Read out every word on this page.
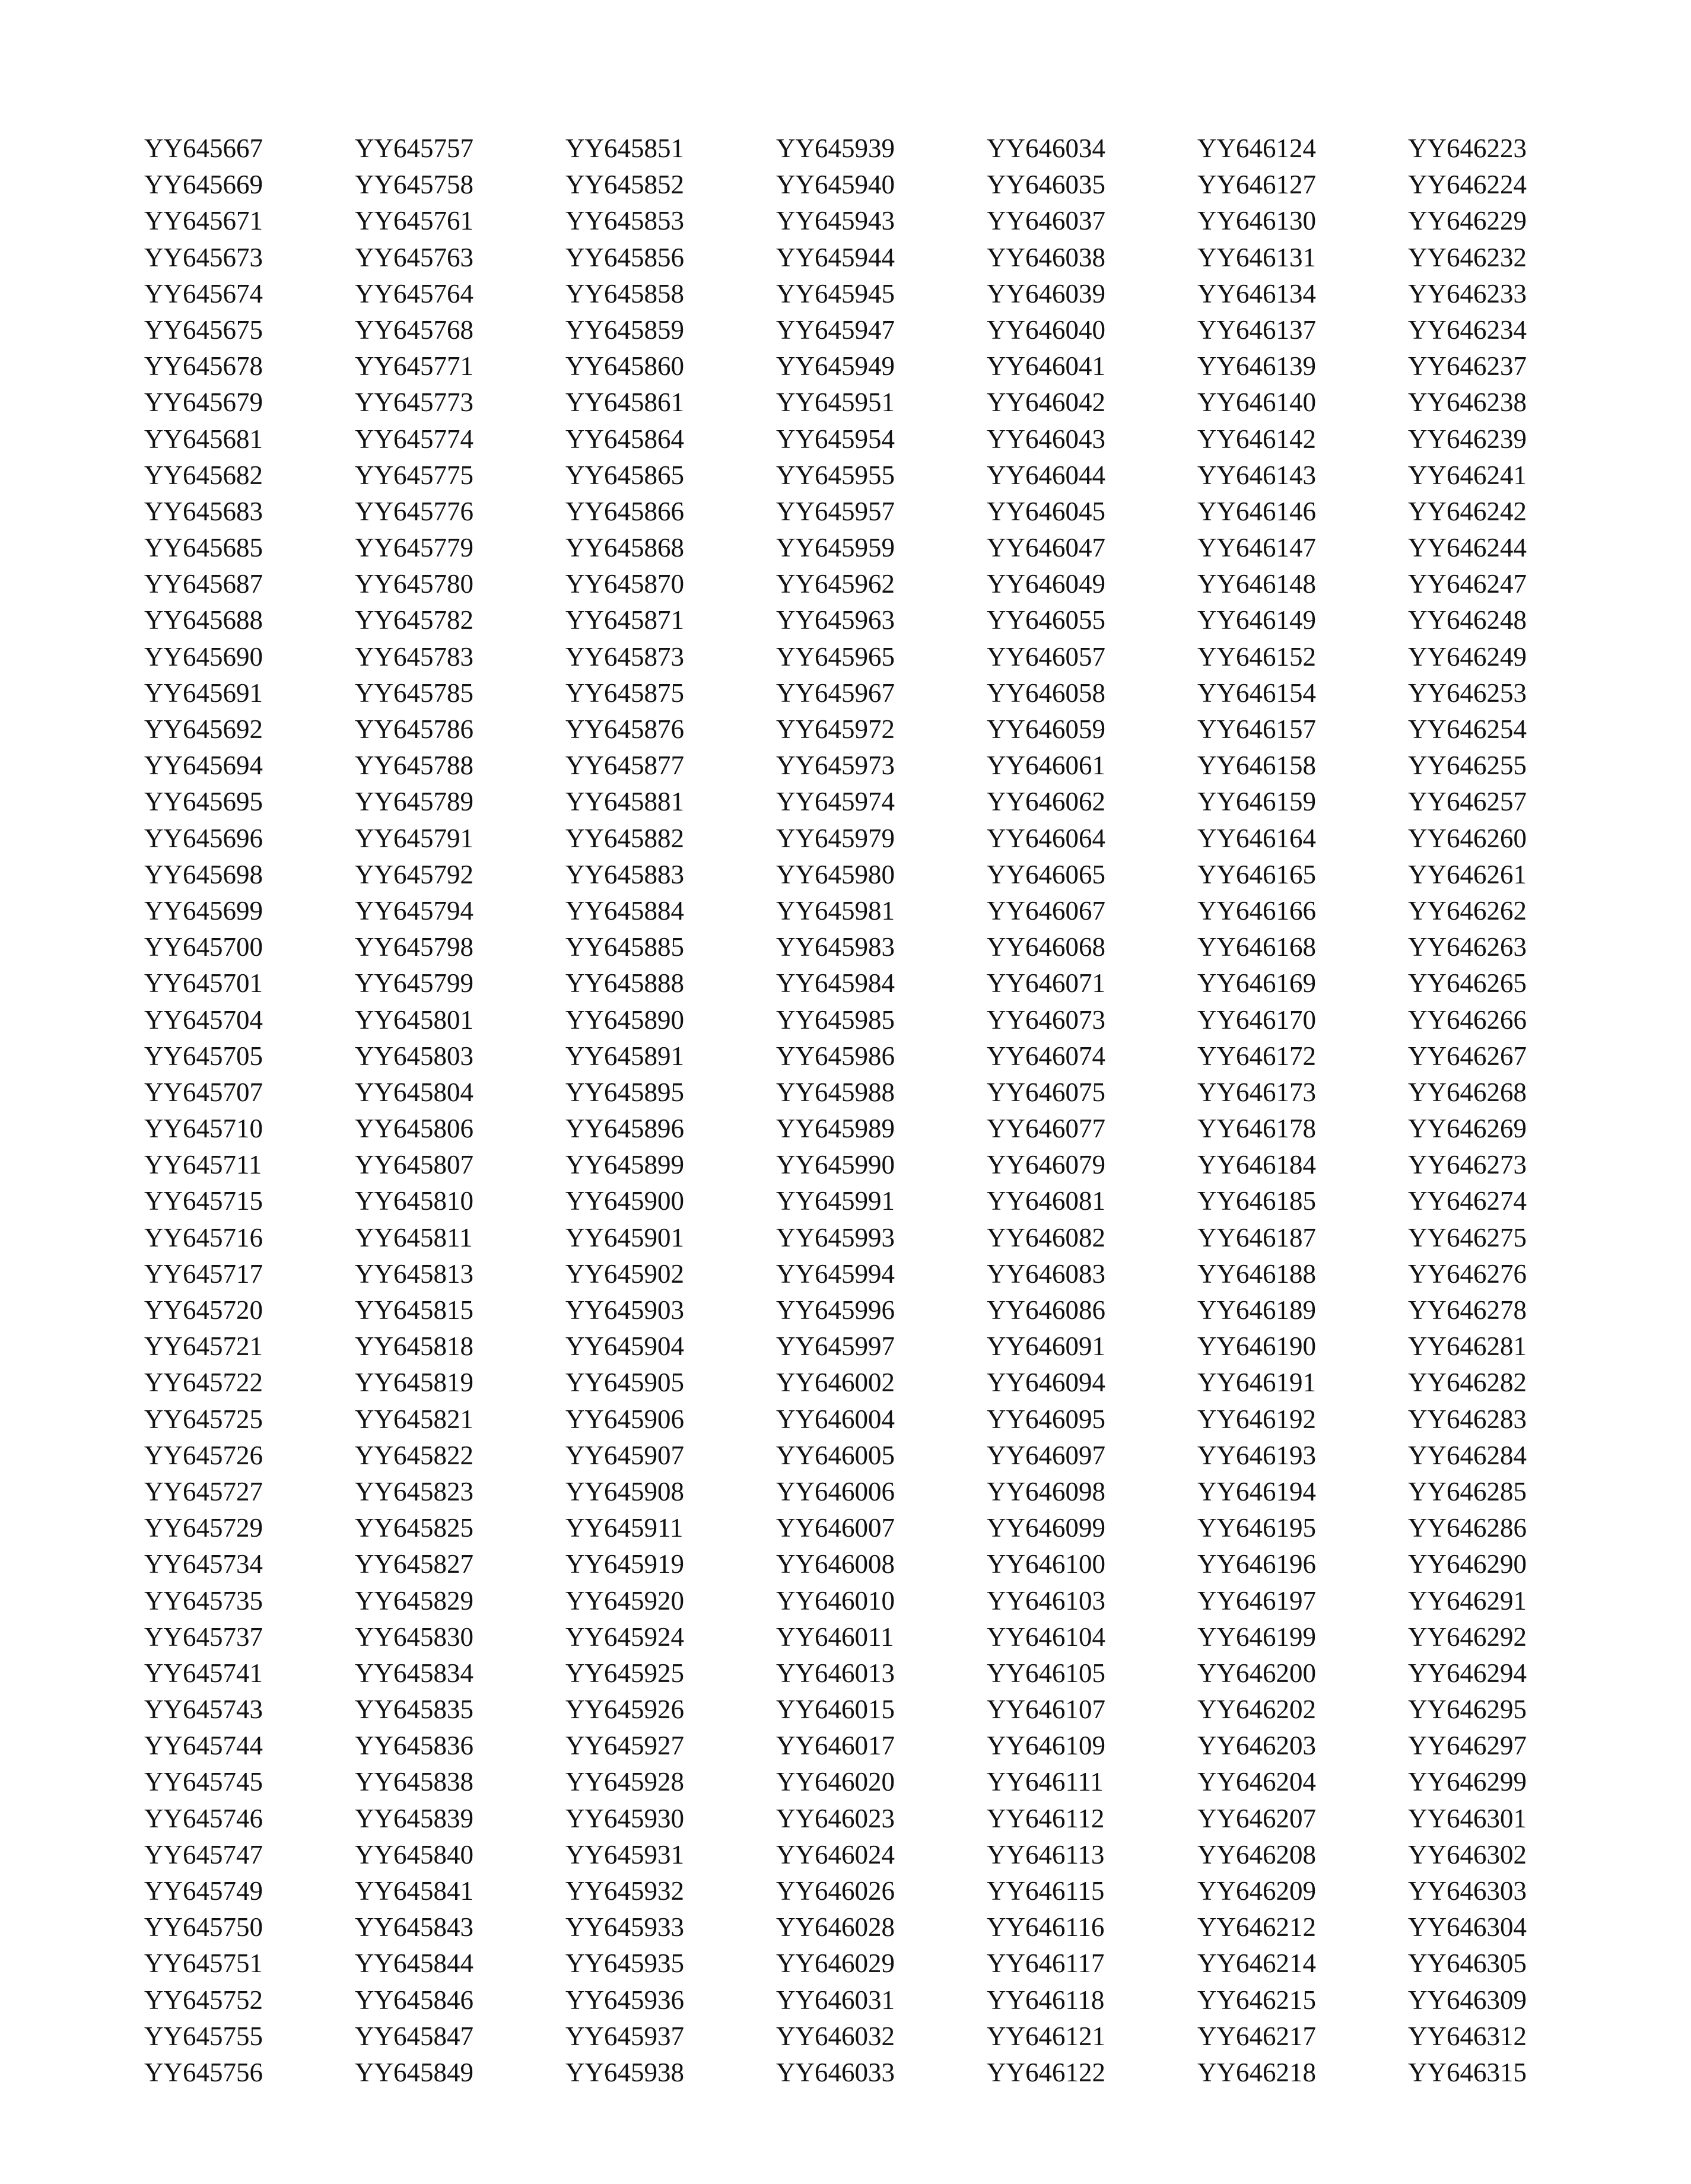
YY645667
YY645669
YY645671
YY645673
YY645674
YY645675
YY645678
YY645679
YY645681
YY645682
YY645683
YY645685
YY645687
YY645688
YY645690
YY645691
YY645692
YY645694
YY645695
YY645696
YY645698
YY645699
YY645700
YY645701
YY645704
YY645705
YY645707
YY645710
YY645711
YY645715
YY645716
YY645717
YY645720
YY645721
YY645722
YY645725
YY645726
YY645727
YY645729
YY645734
YY645735
YY645737
YY645741
YY645743
YY645744
YY645745
YY645746
YY645747
YY645749
YY645750
YY645751
YY645752
YY645755
YY645756
YY645757
YY645758
YY645761
YY645763
YY645764
YY645768
YY645771
YY645773
YY645774
YY645775
YY645776
YY645779
YY645780
YY645782
YY645783
YY645785
YY645786
YY645788
YY645789
YY645791
YY645792
YY645794
YY645798
YY645799
YY645801
YY645803
YY645804
YY645806
YY645807
YY645810
YY645811
YY645813
YY645815
YY645818
YY645819
YY645821
YY645822
YY645823
YY645825
YY645827
YY645829
YY645830
YY645834
YY645835
YY645836
YY645838
YY645839
YY645840
YY645841
YY645843
YY645844
YY645846
YY645847
YY645849
YY645851
YY645852
YY645853
YY645856
YY645858
YY645859
YY645860
YY645861
YY645864
YY645865
YY645866
YY645868
YY645870
YY645871
YY645873
YY645875
YY645876
YY645877
YY645881
YY645882
YY645883
YY645884
YY645885
YY645888
YY645890
YY645891
YY645895
YY645896
YY645899
YY645900
YY645901
YY645902
YY645903
YY645904
YY645905
YY645906
YY645907
YY645908
YY645911
YY645919
YY645920
YY645924
YY645925
YY645926
YY645927
YY645928
YY645930
YY645931
YY645932
YY645933
YY645935
YY645936
YY645937
YY645938
YY645939
YY645940
YY645943
YY645944
YY645945
YY645947
YY645949
YY645951
YY645954
YY645955
YY645957
YY645959
YY645962
YY645963
YY645965
YY645967
YY645972
YY645973
YY645974
YY645979
YY645980
YY645981
YY645983
YY645984
YY645985
YY645986
YY645988
YY645989
YY645990
YY645991
YY645993
YY645994
YY645996
YY645997
YY646002
YY646004
YY646005
YY646006
YY646007
YY646008
YY646010
YY646011
YY646013
YY646015
YY646017
YY646020
YY646023
YY646024
YY646026
YY646028
YY646029
YY646031
YY646032
YY646033
YY646034
YY646035
YY646037
YY646038
YY646039
YY646040
YY646041
YY646042
YY646043
YY646044
YY646045
YY646047
YY646049
YY646055
YY646057
YY646058
YY646059
YY646061
YY646062
YY646064
YY646065
YY646067
YY646068
YY646071
YY646073
YY646074
YY646075
YY646077
YY646079
YY646081
YY646082
YY646083
YY646086
YY646091
YY646094
YY646095
YY646097
YY646098
YY646099
YY646100
YY646103
YY646104
YY646105
YY646107
YY646109
YY646111
YY646112
YY646113
YY646115
YY646116
YY646117
YY646118
YY646121
YY646122
YY646124
YY646127
YY646130
YY646131
YY646134
YY646137
YY646139
YY646140
YY646142
YY646143
YY646146
YY646147
YY646148
YY646149
YY646152
YY646154
YY646157
YY646158
YY646159
YY646164
YY646165
YY646166
YY646168
YY646169
YY646170
YY646172
YY646173
YY646178
YY646184
YY646185
YY646187
YY646188
YY646189
YY646190
YY646191
YY646192
YY646193
YY646194
YY646195
YY646196
YY646197
YY646199
YY646200
YY646202
YY646203
YY646204
YY646207
YY646208
YY646209
YY646212
YY646214
YY646215
YY646217
YY646218
YY646223
YY646224
YY646229
YY646232
YY646233
YY646234
YY646237
YY646238
YY646239
YY646241
YY646242
YY646244
YY646247
YY646248
YY646249
YY646253
YY646254
YY646255
YY646257
YY646260
YY646261
YY646262
YY646263
YY646265
YY646266
YY646267
YY646268
YY646269
YY646273
YY646274
YY646275
YY646276
YY646278
YY646281
YY646282
YY646283
YY646284
YY646285
YY646286
YY646290
YY646291
YY646292
YY646294
YY646295
YY646297
YY646299
YY646301
YY646302
YY646303
YY646304
YY646305
YY646309
YY646312
YY646315
